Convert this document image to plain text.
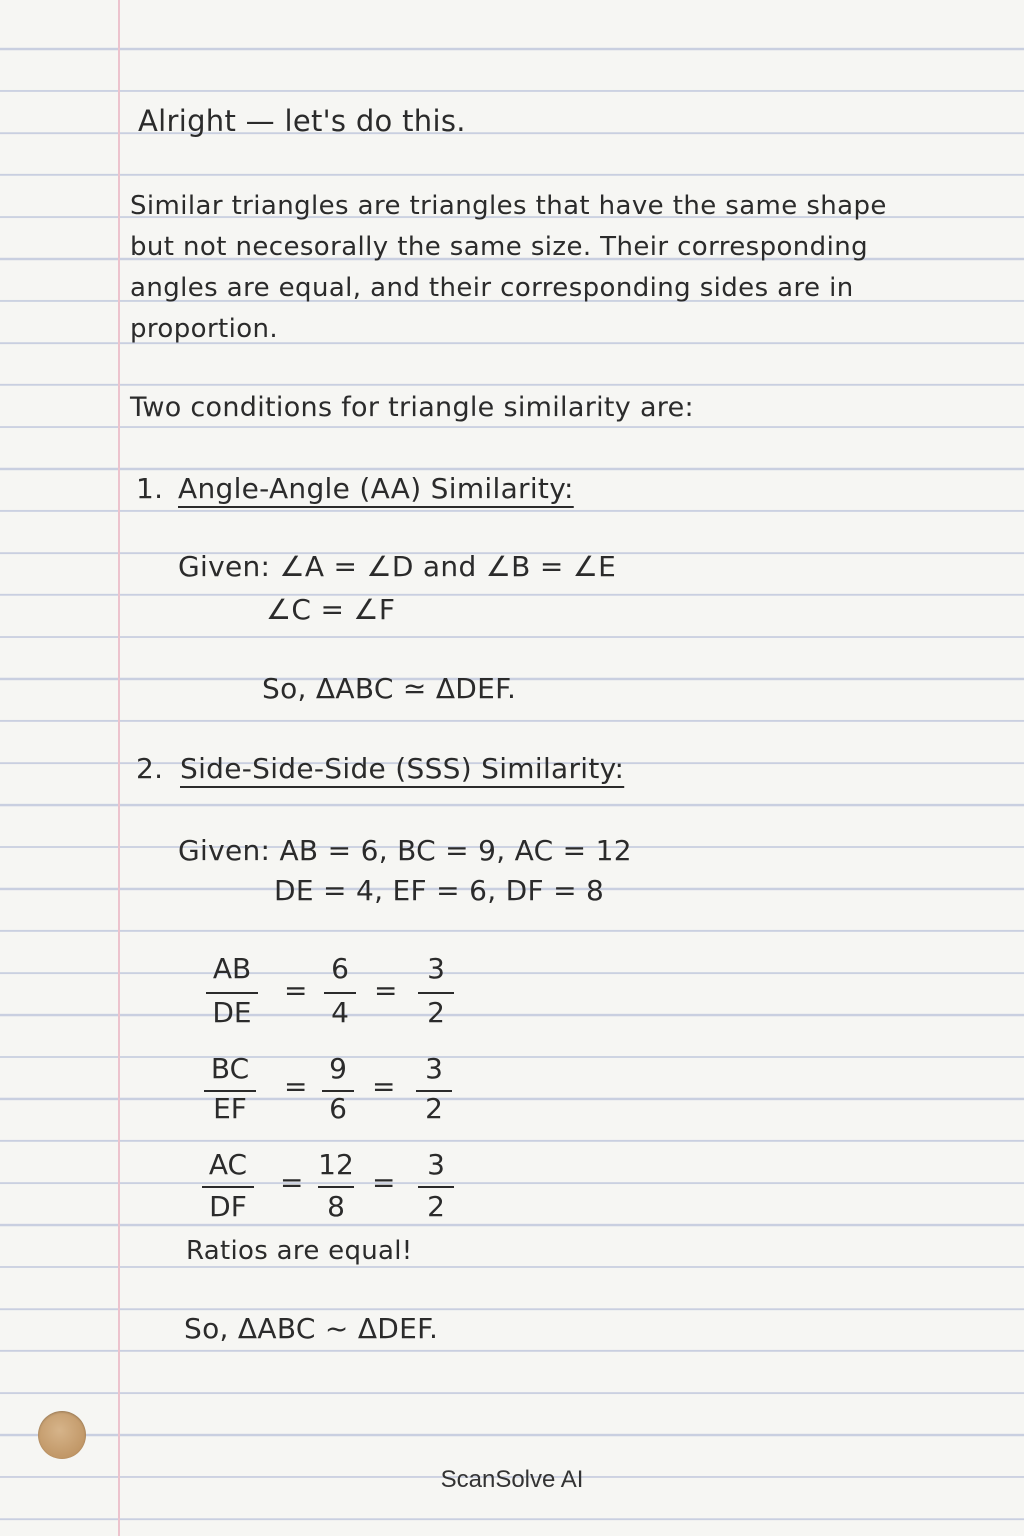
Alright — let's do this.

Similar triangles are triangles that have the same shape but not necesorally the same size. Their corresponding angles are equal, and their corresponding sides are in proportion.

Two conditions for triangle similarity are:

1. Angle-Angle (AA) Similarity:

Given: ∠A = ∠D and ∠B = ∠E

∠C = ∠F

So, ΔABC ≃ ΔDEF.

2. Side-Side-Side (SSS) Similarity:

Given: AB = 6, BC = 9, AC = 12

DE = 4, EF = 6, DF = 8

AB
DE
=
6
4
=
3
2
BC
EF
=
9
6
=
3
2
AC
DF
=
12
8
=
3
2

Ratios are equal!

So, ΔABC ~ ΔDEF.

ScanSolve AI
